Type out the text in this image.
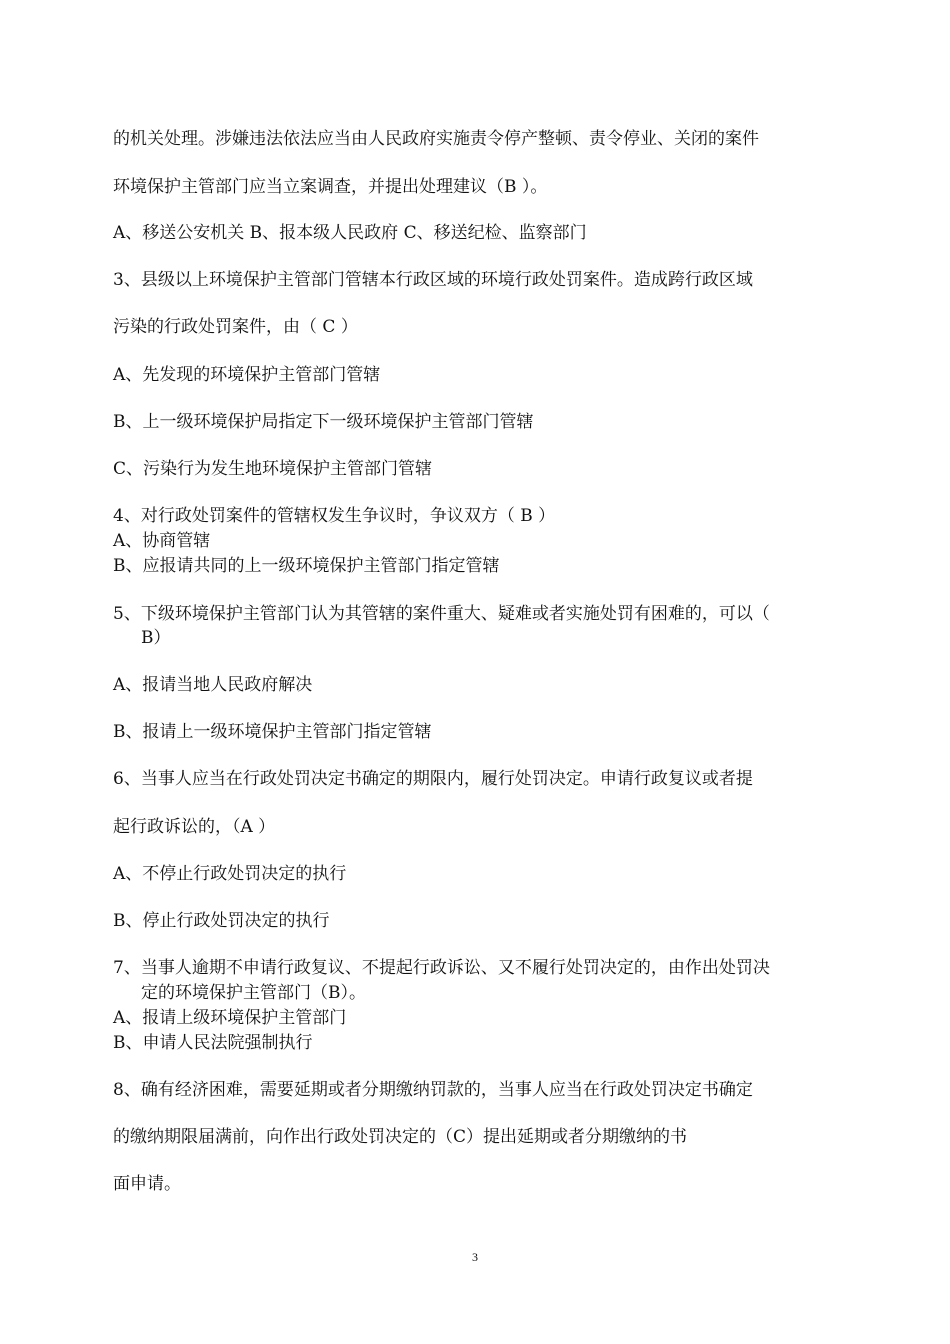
的机关处理。涉嫌违法依法应当由人民政府实施责令停产整顿、责令停业、关闭的案件
环境保护主管部门应当立案调查，并提出处理建议（B ）。
A、移送公安机关 B、报本级人民政府 C、移送纪检、监察部门
3、县级以上环境保护主管部门管辖本行政区域的环境行政处罚案件。造成跨行政区域
污染的行政处罚案件，由（ C ）
A、先发现的环境保护主管部门管辖
B、上一级环境保护局指定下一级环境保护主管部门管辖
C、污染行为发生地环境保护主管部门管辖
4、对行政处罚案件的管辖权发生争议时，争议双方（ B ）
A、协商管辖
B、应报请共同的上一级环境保护主管部门指定管辖
5、下级环境保护主管部门认为其管辖的案件重大、疑难或者实施处罚有困难的，可以（
B）
A、报请当地人民政府解决
B、报请上一级环境保护主管部门指定管辖
6、当事人应当在行政处罚决定书确定的期限内，履行处罚决定。申请行政复议或者提
起行政诉讼的，（A ）
A、不停止行政处罚决定的执行
B、停止行政处罚决定的执行
7、当事人逾期不申请行政复议、不提起行政诉讼、又不履行处罚决定的，由作出处罚决
定的环境保护主管部门（B）。
A、报请上级环境保护主管部门
B、申请人民法院强制执行
8、确有经济困难，需要延期或者分期缴纳罚款的，当事人应当在行政处罚决定书确定
的缴纳期限届满前，向作出行政处罚决定的（C）提出延期或者分期缴纳的书
面申请。
3
